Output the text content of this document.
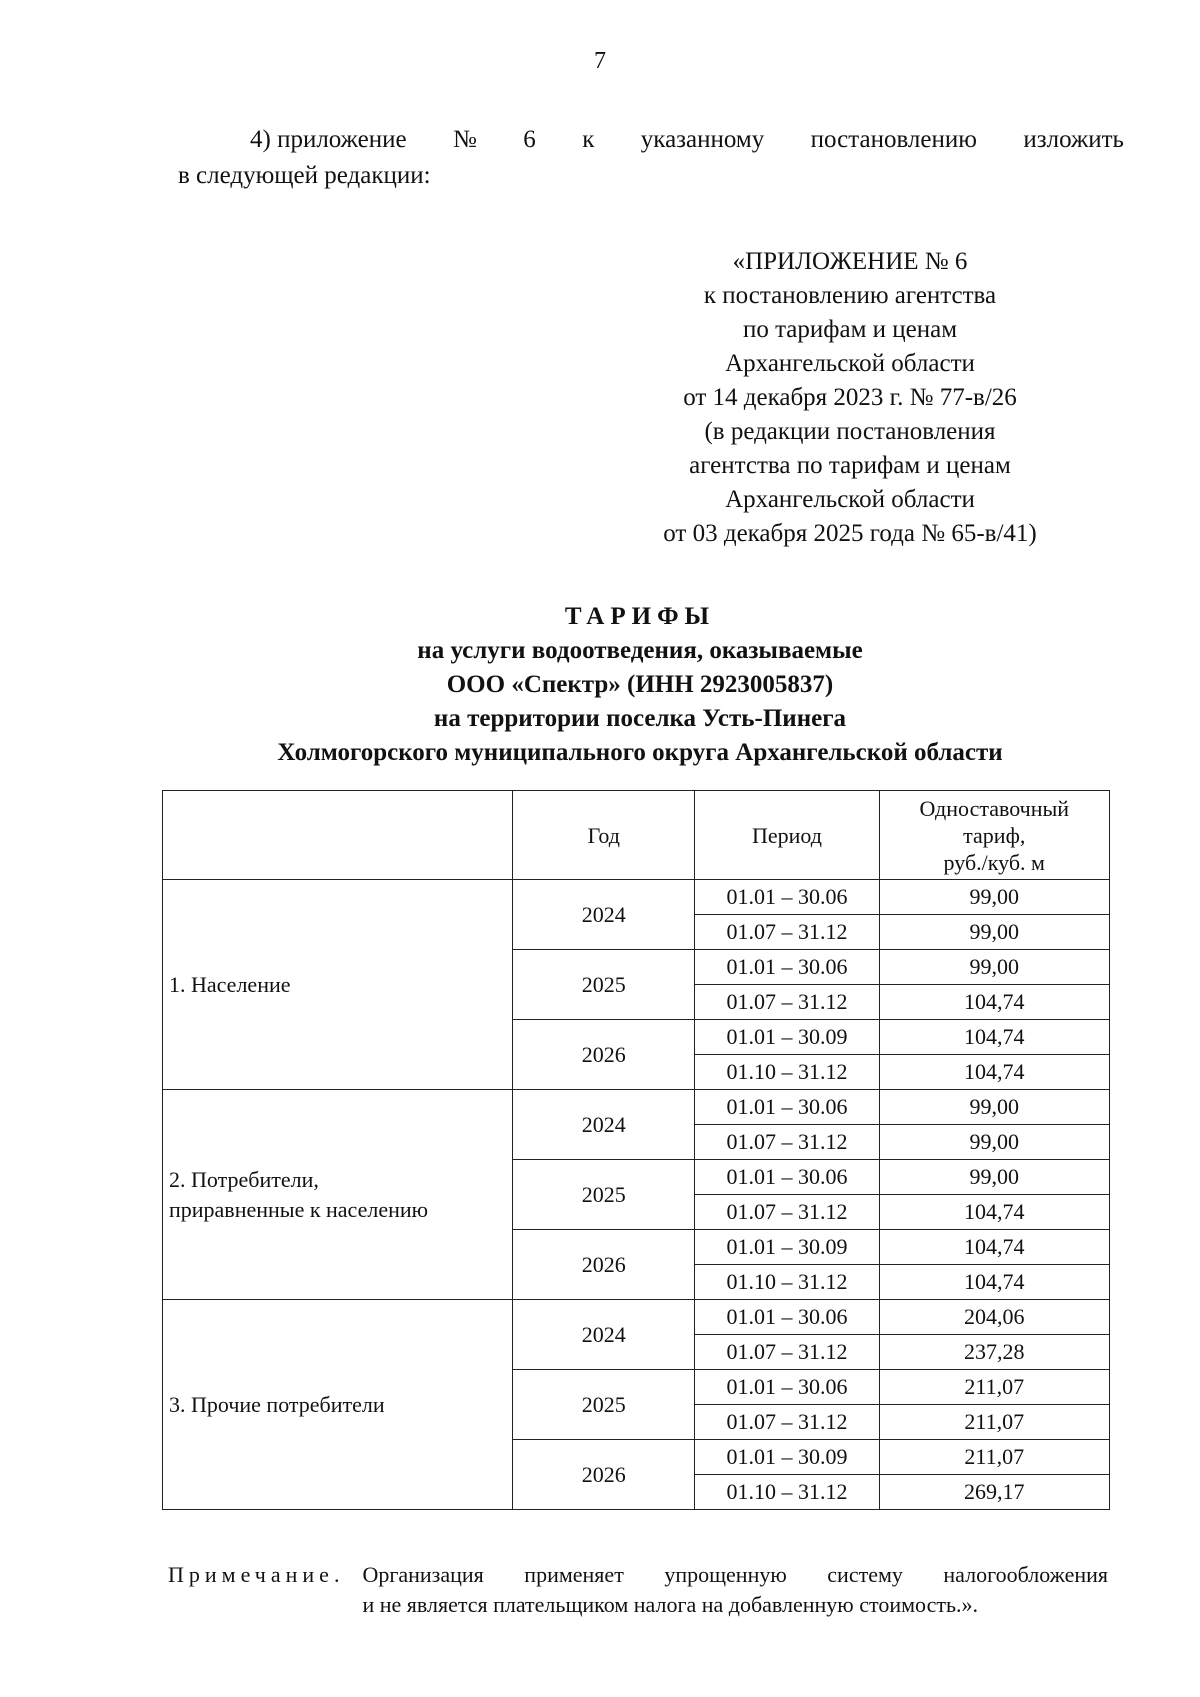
7
4) приложение № 6 к указанному постановлению изложить
в следующей редакции:
«ПРИЛОЖЕНИЕ № 6
к постановлению агентства
по тарифам и ценам
Архангельской области
от 14 декабря 2023 г. № 77-в/26
(в редакции постановления
агентства по тарифам и ценам
Архангельской области
от 03 декабря 2025 года № 65-в/41)
ТАРИФЫ
на услуги водоотведения, оказываемые
ООО «Спектр» (ИНН 2923005837)
на территории поселка Усть-Пинега
Холмогорского муниципального округа Архангельской области
	Год	Период	Одноставочный
тариф,
руб./куб. м

1. Население	2024	01.01 – 30.06	99,00
		01.07 – 31.12	99,00
	2025	01.01 – 30.06	99,00
		01.07 – 31.12	104,74
	2026	01.01 – 30.09	104,74
		01.10 – 31.12	104,74

2. Потребители,
приравненные к населению	2024	01.01 – 30.06	99,00
		01.07 – 31.12	99,00
	2025	01.01 – 30.06	99,00
		01.07 – 31.12	104,74
	2026	01.01 – 30.09	104,74
		01.10 – 31.12	104,74

3. Прочие потребители	2024	01.01 – 30.06	204,06
		01.07 – 31.12	237,28
	2025	01.01 – 30.06	211,07
		01.07 – 31.12	211,07
	2026	01.01 – 30.09	211,07
		01.10 – 31.12	269,17
Примечание. Организация применяет упрощенную систему налогообложения
и не является плательщиком налога на добавленную стоимость.».
